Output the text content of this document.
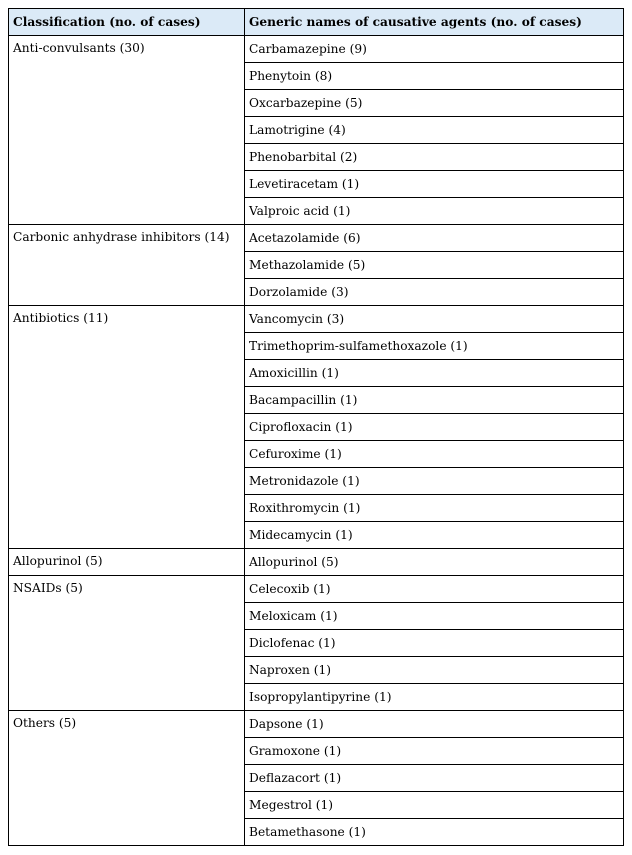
Classification (no. of cases)	Generic names of causative agents (no. of cases)
Anti-convulsants (30)	Carbamazepine (9)
	Phenytoin (8)
	Oxcarbazepine (5)
	Lamotrigine (4)
	Phenobarbital (2)
	Levetiracetam (1)
	Valproic acid (1)
Carbonic anhydrase inhibitors (14)	Acetazolamide (6)
	Methazolamide (5)
	Dorzolamide (3)
Antibiotics (11)	Vancomycin (3)
	Trimethoprim-sulfamethoxazole (1)
	Amoxicillin (1)
	Bacampacillin (1)
	Ciprofloxacin (1)
	Cefuroxime (1)
	Metronidazole (1)
	Roxithromycin (1)
	Midecamycin (1)
Allopurinol (5)	Allopurinol (5)
NSAIDs (5)	Celecoxib (1)
	Meloxicam (1)
	Diclofenac (1)
	Naproxen (1)
	Isopropylantipyrine (1)
Others (5)	Dapsone (1)
	Gramoxone (1)
	Deflazacort (1)
	Megestrol (1)
	Betamethasone (1)
